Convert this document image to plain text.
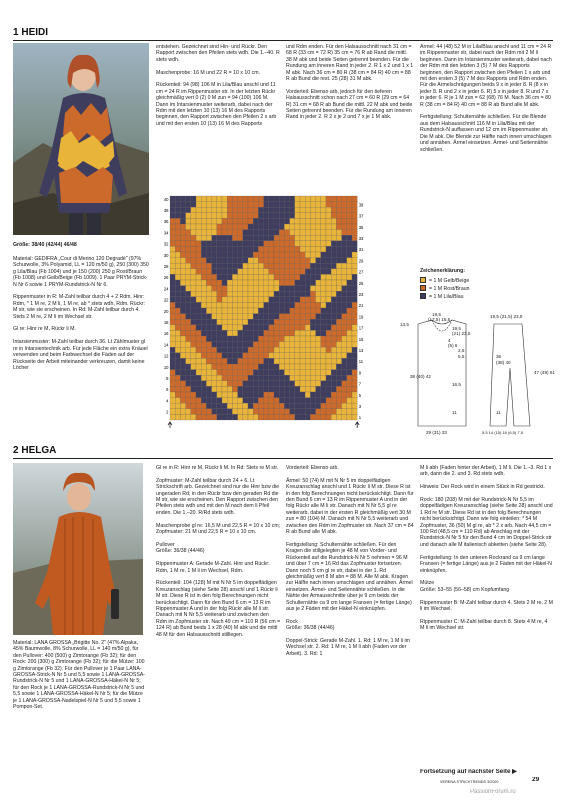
1 HEIDI
Größe: 38/40 (42/44) 46/48
Material: GEDIFRA „Cour di Merino 120 Degradé" (97% Schurwolle, 3% Polyamid, LL = 120 m/50 g), 250 (300) 350 g Lila/Blau (Fb 1004) und je 150 (200) 250 g Rost/Braun (Fb 1008) und Gelb/Beige (Fb 1009). 1 Paar PRYM-Strick-N Nr 6 sowie 1 PRYM-Rundstrick-N Nr 6.

Rippenmuster in R: M-Zahl teilbar durch 4 + 2 Rdm. Hinr: Rdm, * 1 M re, 2 M li, 1 M re, ab * stets wdh, Rdm. Rückr: M str, wie sie erscheinen. In Rd: M-Zahl teilbar durch 4. Stets 2 M re, 2 M li im Wechsel str.

Gl re: Hinr re M, Rückr li M.

Intarsienmuster: M-Zahl teilbar durch 36. Lt Zählmuster gl re in Intarsientechnik arb. Für jede Fläche ein extra Knäuel verwenden und beim Farbwechsel die Fäden auf der Rückseite der Arbeit miteinander verkreuzen, damit keine Löcher
entstehen. Gezeichnet sind Hin- und Rückr. Den Rapport zwischen den Pfeilen stets wdh. Die 1.–40. R stets wdh.

Maschenprobe: 16 M und 22 R = 10 x 10 cm.

Rückenteil: 94 (98) 106 M in Lila/Blau anschl und 11 cm = 24 R im Rippenmuster str. In der letzten Rückr gleichmäßig vert 0 (2) 0 M zun = 94 (100) 106 M. Dann im Intarsienmuster weiterarb, dabei nach der Rdm mit den letzten 10 (13) 16 M des Rapports beginnen, den Rapport zwischen den Pfeilen 2 x arb und mit den ersten 10 (13) 16 M des Rapports
und Rdm enden. Für den Halsausschnitt nach 31 cm = 68 R (33 cm = 72 R) 35 cm = 76 R ab Rand die mittl. 38 M abk und beide Seiten getrennt beenden. Für die Rundung am inneren Rand in jeder 2. R 1 x 2 und 1 x 1 M abk. Nach 36 cm = 80 R (38 cm = 84 R) 40 cm = 88 R ab Bund die rest. 25 (28) 31 M abk.

Vorderteil: Ebenso arb, jedoch für den tieferen Halsausschnitt schon nach 27 cm = 60 R (29 cm = 64 R) 31 cm = 68 R ab Bund die mittl. 22 M abk und beide Seiten getrennt beenden. Für die Rundung am inneren Rand in jeder 2. R 2 x je 2 und 7 x je 1 M abk.
Ärmel: 44 (48) 52 M in Lila/Blau anschl und 11 cm = 24 R im Rippenmuster str, dabei nach der Rdm mit 2 M li beginnen. Dann im Intarsienmuster weiterarb, dabei nach der Rdm mit den letzten 3 (5) 7 M des Rapports beginnen, den Rapport zwischen den Pfeilen 1 x arb und mit den ersten 3 (5) 7 M des Rapports und Rdm enden. Für die Armelschrägungen beids 9 x in jeder 8. R (8 x in jeder 8. R und 2 x in jeder 6. R) 5 x in jeder 8. R und 7 x in jeder 6. R je 1 M zun = 62 (68) 76 M. Nach 36 cm = 80 R (38 cm = 84 R) 40 cm = 88 R ab Bund alle M abk.

Fertigstellung: Schulternähte schließen. Für die Blende aus dem Halsausschnitt 116 M in Lila/Blau mit der Rundstrick-N auffassen und 12 cm im Rippenmuster str. Die M abk. Die Blende zur Hälfte nach innen umschlagen und annähen. Ärmel einsetzen. Ärmel- und Seitennähte schließen.
40
38
36
34
32
30
28
26
24
22
20
18
16
14
12
10
8
6
4
2
39
37
35
33
31
29
27
25
23
21
19
17
15
13
11
9
7
5
3
1
Zeichenerklärung:
= 1 M Gelb/Beige
= 1 M Rost/Braun
= 1 M Lila/Blau
19,5
(17,5) 15,5
19,5
(21) 23,5
4
(5) 6
13,5
2,5
5,5
38 (40) 42
16,5
11
29 (31) 33
19,5 (21,5) 23,5
36
(38) 40
47 (49) 51
11
5,5 14 (15) 16 (6,5) 7,5
2 HELGA
Material: LANA GROSSA „Brigitte No. 2" (47% Alpaka, 45% Baumwolle, 8% Schurwolle, LL = 140 m/50 g), für den Pullover: 400 (500) g Zimtorange (Fb 32); für den Rock: 200 (300) g Zimtorange (Fb 32); für die Mütze: 100 g Zimtorange (Fb 32). Für den Pullover je 1 Paar LANA-GROSSA-Strick-N Nr 5 und 5,5 sowie 1 LANA-GROSSA-Rundstrick-N Nr 5 und 1 LANA-GROSSA-Häkel-N Nr 5; für den Rock je 1 LANA-GROSSA-Rundstrick-N Nr 5 und 5,5 sowie 1 LANA-GROSSA-Häkel-N Nr 5; für die Mütze je 1 LANA-GROSSA-Nadelspiel-N Nr 5 und 5,5 sowie 1 Pompon-Set.
Gl re in R: Hinr re M, Rückr li M. In Rd: Stets re M str.

Zopfmuster: M-Zahl teilbar durch 24 + 6. Lt Strickschrift arb. Gezeichnet sind nur die Hinr bzw die ungeraden Rd; in den Rückr bzw den geraden Rd die M str, wie sie erscheinen. Den Rapport zwischen den Pfeilen stets wdh und mit den M nach dem li Pfeil enden. Die 1.–20. R/Rd stets wdh.

Maschenprobe gl re: 16,5 M und 22,5 R = 10 x 10 cm; Zopfmuster: 21 M und 22,5 R = 10 x 10 cm.

Pullover
Größe: 36/38 (44/46)

Rippenmuster A: Gerade M-Zahl. Hinr und Rückr: Rdm, 1 M re, 1 M li im Wechsel, Rdm.

Rückenteil: 104 (128) M mit N Nr 5 im doppelfädigen Kreuzanschlag (siehe Seite 28) anschl und 1 Rückr li M str. Diese R ist in den folg Berechnungen nicht berücksichtigt. Dann für den Bund 6 cm = 13 R im Rippenmuster A und in der folg Rückr alle M li str. Danach mit N Nr 5,5 weiterarb und zwischen den Rdm im Zopfmuster str. Nach 49 cm = 110 R (56 cm = 124 R) ab Bund beids 1 x 28 (40) M abk und die mittl 48 M für den Halsausschnitt stilllegen.
Vorderteil: Ebenso arb.

Ärmel: 50 (74) M mit N Nr 5 im doppelfädigen Kreuzanschlag anschl und 1 Rückr li M str. Diese R ist in den folg Berechnungen nicht berücksichtigt. Dann für den Bund 6 cm = 13 R im Rippenmuster A und in der folg Rückr alle M li str. Danach mit N Nr 5,5 gl re weiterarb, dabei in der ersten R gleichmäßig vert 30 M zun = 80 (104) M. Danach mit N Nr 5,5 weiterarb und zwischen den Rdm im Zopfmuster str. Nach 37 cm = 84 R ab Bund alle M abk.

Fertigstellung: Schulternähte schließen. Für den Kragen die stillgelegten je 48 M von Vorder- und Rückenteil auf die Rundstrick-N Nr 5 nehmen = 96 M und über 7 cm = 16 Rd das Zopfmuster fortsetzen. Dann noch 5 cm gl re str, dabei in der 1. Rd gleichmäßig vert 8 M abn = 88 M. Alle M abk. Kragen zur Hälfte nach innen umschlagen und annähen. Ärmel einsetzen. Ärmel- und Seitennähte schließen. In die Nähte der Armausschnitte über je 9 cm beids der Schulternähte ca 9 cm lange Fransen (= fertige Länge) aus je 2 Fäden mit der Häkel-N einknüpfen.

Rock
Größe: 36/38 (44/46)

Doppel-Strick: Gerade M-Zahl. 1. Rd: 1 M re, 1 M li im Wechsel str. 2. Rd: 1 M re, 1 M li abh (Faden vor der Arbeit). 3. Rd: 1
M li abh (Faden hinter der Arbeit), 1 M li. Die 1.–3. Rd 1 x arb, dann die 2. und 3. Rd stets wdh.

Hinweis: Der Rock wird in einem Stück in Rd gestrickt.

Rock: 180 (208) M mit der Rundstrick-N Nr 5,5 im doppelfädigen Kreuzanschlag (siehe Seite 28) anschl und 1 Rd re M str. Diese Rd ist in den folg Berechnungen nicht berücksichtigt. Dann wie folg einteilen: * 54 M Zopfmuster, 36 (50) M gl re, ab * 2 x arb. Nach 44,5 cm = 100 Rd (48,5 cm = 110 Rd) ab Anschlag mit der Rundstrick-N Nr 5 für den Bund 4 cm im Doppel-Strick str und danach alle M italienisch abketten (siehe Seite 28).

Fertigstellung: In den unteren Rockrand ca 9 cm lange Fransen (= fertige Länge) aus je 2 Fäden mit der Häkel-N einknüpfen.

Mütze
Größe: 53–55 (56–58) cm Kopfumfang

Rippenmuster B: M-Zahl teilbar durch 4. Stets 2 M re, 2 M li im Wechsel.

Rippenmuster C: M-Zahl teilbar durch 8. Stets 4 M re, 4 M li im Wechsel str.
Fortsetzung auf nächster Seite ▶
VERENA STRICKTRENDS 3/2020	29
PassionForum.ru
